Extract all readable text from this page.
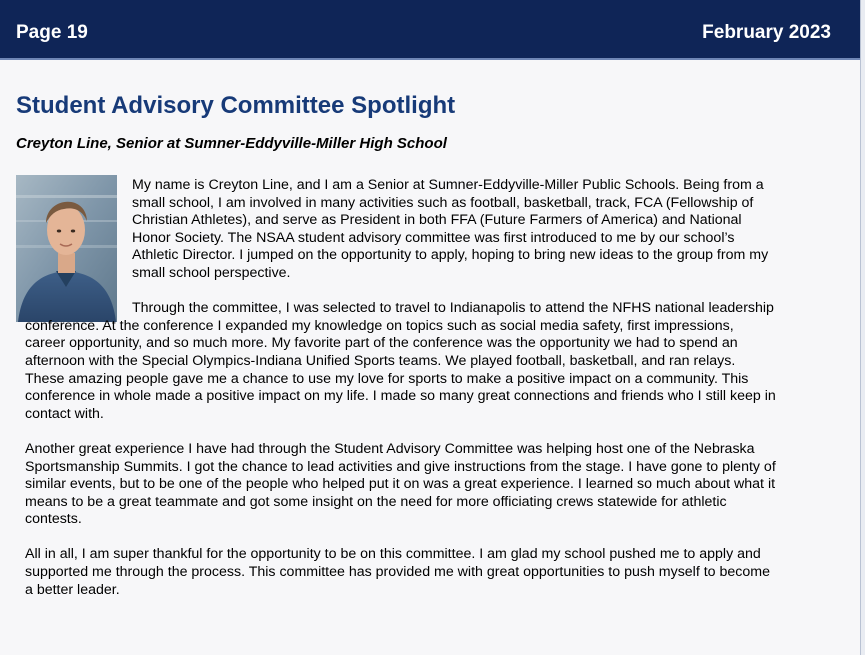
Page 19	February 2023
Student Advisory Committee Spotlight
Creyton Line, Senior at Sumner-Eddyville-Miller High School

My name is Creyton Line, and I am a Senior at Sumner-Eddyville-Miller Public Schools. Being from a small school, I am involved in many activities such as football, basketball, track, FCA (Fellowship of Christian Athletes), and serve as President in both FFA (Future Farmers of America) and National Honor Society. The NSAA student advisory committee was first introduced to me by our school’s Athletic Director. I jumped on the opportunity to apply, hoping to bring new ideas to the group from my small school perspective.

Through the committee, I was selected to travel to Indianapolis to attend the NFHS national leadership conference. At the conference I expanded my knowledge on topics such as social media safety, first impressions, career opportunity, and so much more. My favorite part of the conference was the opportunity we had to spend an afternoon with the Special Olympics-Indiana Unified Sports teams. We played football, basketball, and ran relays. These amazing people gave me a chance to use my love for sports to make a positive impact on a community. This conference in whole made a positive impact on my life. I made so many great connections and friends who I still keep in contact with.

Another great experience I have had through the Student Advisory Committee was helping host one of the Nebraska Sportsmanship Summits. I got the chance to lead activities and give instructions from the stage. I have gone to plenty of similar events, but to be one of the people who helped put it on was a great experience. I learned so much about what it means to be a great teammate and got some insight on the need for more officiating crews statewide for athletic contests.

All in all, I am super thankful for the opportunity to be on this committee. I am glad my school pushed me to apply and supported me through the process. This committee has provided me with great opportunities to push myself to become a better leader.
